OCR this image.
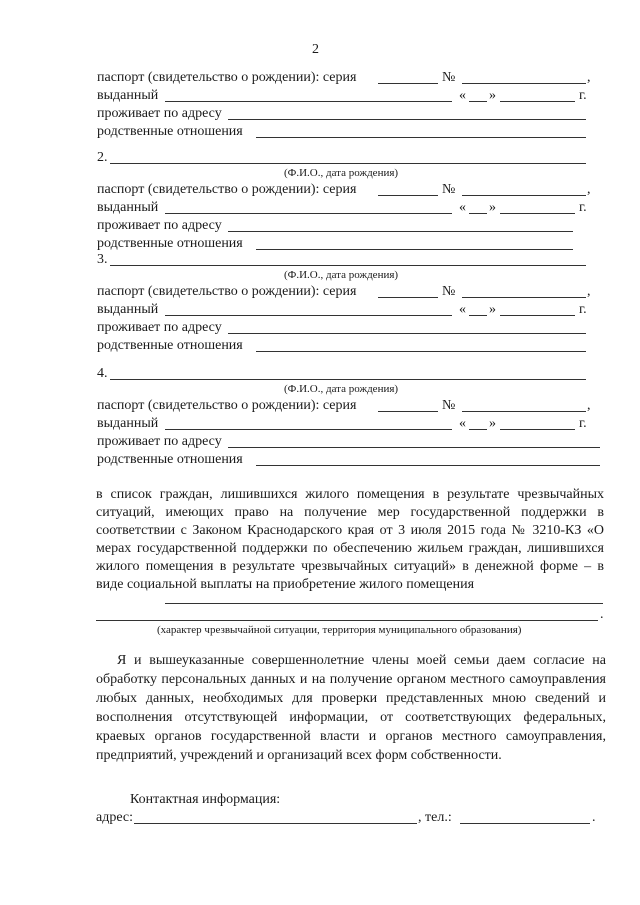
2
паспорт (свидетельство о рождении): серия	№	,
выданный	« »	г.
проживает по адресу
родственные отношения
2.
(Ф.И.О., дата рождения)
паспорт (свидетельство о рождении): серия	№	,
выданный	« »	г.
проживает по адресу
родственные отношения
3.
(Ф.И.О., дата рождения)
паспорт (свидетельство о рождении): серия	№	,
выданный	« »	г.
проживает по адресу
родственные отношения
4.
(Ф.И.О., дата рождения)
паспорт (свидетельство о рождении): серия	№	,
выданный	« »	г.
проживает по адресу
родственные отношения
в список граждан, лишившихся жилого помещения в результате чрезвычайных ситуаций, имеющих право на получение мер государственной поддержки в соответствии с Законом Краснодарского края от 3 июля 2015 года № 3210-КЗ «О мерах государственной поддержки по обеспечению жильем граждан, лишившихся жилого помещения в результате чрезвычайных ситуаций» в денежной форме – в виде социальной выплаты на приобретение жилого помещения
.
(характер чрезвычайной ситуации, территория муниципального образования)
Я и вышеуказанные совершеннолетние члены моей семьи даем согласие на обработку персональных данных и на получение органом местного самоуправления любых данных, необходимых для проверки представленных мною сведений и восполнения отсутствующей информации, от соответствующих федеральных, краевых органов государственной власти и органов местного самоуправления, предприятий, учреждений и организаций всех форм собственности.
Контактная информация:
адрес:	, тел.:	.
